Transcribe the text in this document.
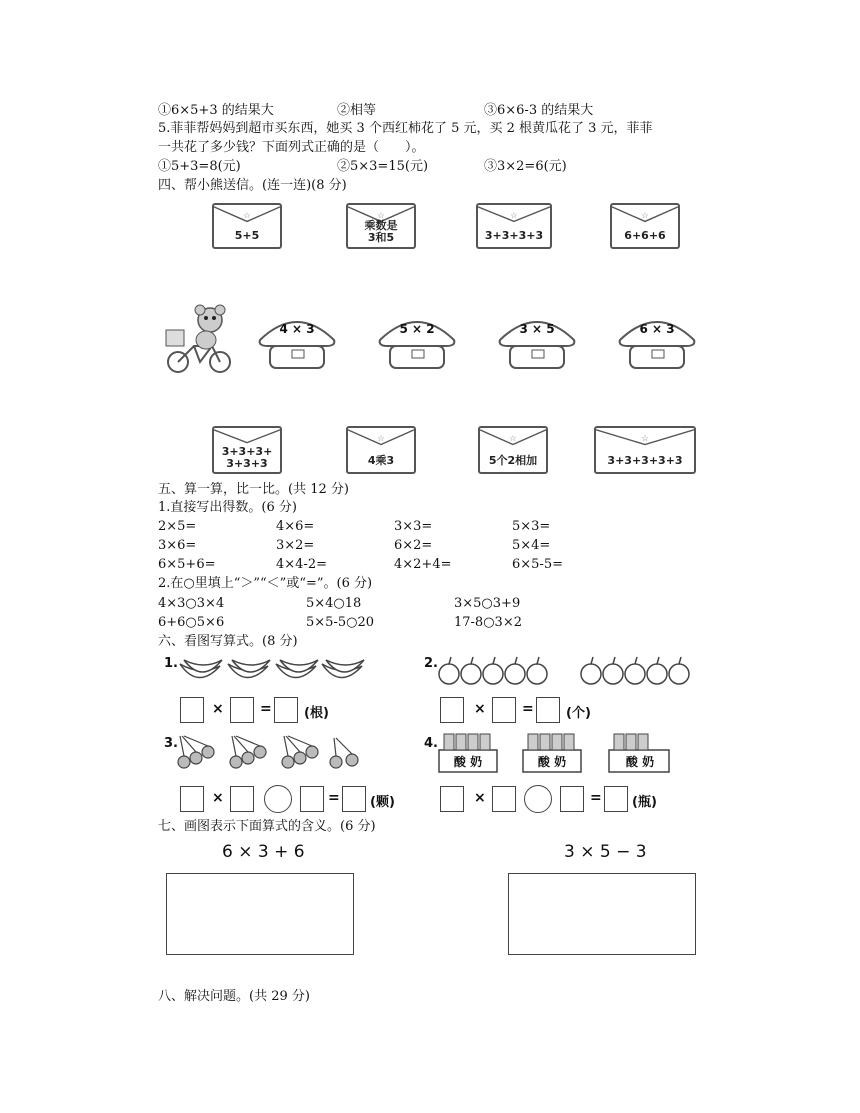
①6×5+3 的结果大	②相等	③6×6-3 的结果大
5.菲菲帮妈妈到超市买东西，她买 3 个西红柿花了 5 元，买 2 根黄瓜花了 3 元，菲菲
一共花了多少钱？下面列式正确的是（　　）。
①5+3=8(元)	②5×3=15(元)	③3×2=6(元)
四、帮小熊送信。(连一连)(8 分)
☆
5+5
☆
乘数是
3和5
☆
3+3+3+3
☆
6+6+6
4 × 3	5 × 2	3 × 5	6 × 3
3+3+3+
3+3+3
☆
4乘3
☆
5个2相加
☆
3+3+3+3+3
五、算一算，比一比。(共 12 分)
1.直接写出得数。(6 分)
2×5=	4×6=	3×3=	5×3=
3×6=	3×2=	6×2=	5×4=
6×5+6=	4×4-2=	4×2+4=	6×5-5=
2.在○里填上“＞”“＜”或“=”。(6 分)
4×3○3×4	5×4○18	3×5○3+9
6+6○5×6	5×5-5○20	17-8○3×2
六、看图写算式。(8 分)
1.	2.
×	= (根)	×	= (个)
3.	4.
酸 奶	酸 奶	酸 奶
×	= (颗)	×	= (瓶)
七、画图表示下面算式的含义。(6 分)
6 × 3 + 6	3 × 5 − 3
八、解决问题。(共 29 分)
